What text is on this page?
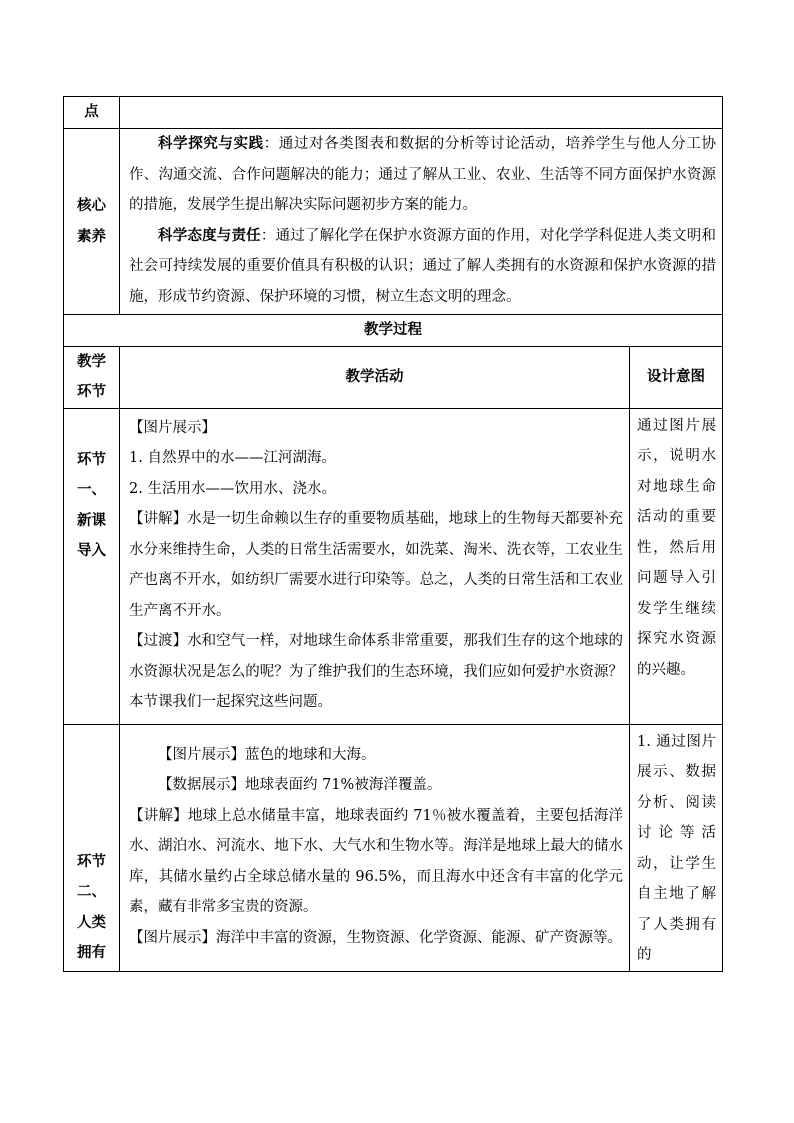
点		
核心素养	科学探究与实践：通过对各类图表和数据的分析等讨论活动，培养学生与他人分工协作、沟通交流、合作问题解决的能力；通过了解从工业、农业、生活等不同方面保护水资源的措施，发展学生提出解决实际问题初步方案的能力。

科学态度与责任：通过了解化学在保护水资源方面的作用，对化学学科促进人类文明和社会可持续发展的重要价值具有积极的认识；通过了解人类拥有的水资源和保护水资源的措施，形成节约资源、保护环境的习惯，树立生态文明的理念。	

教学过程		
教学环节	教学活动	设计意图
环节一、新课导入	【图片展示】

1. 自然界中的水——江河湖海。

2. 生活用水——饮用水、浇水。

【讲解】水是一切生命赖以生存的重要物质基础，地球上的生物每天都要补充水分来维持生命，人类的日常生活需要水，如洗菜、淘米、洗衣等，工农业生产也离不开水，如纺织厂需要水进行印染等。总之，人类的日常生活和工农业生产离不开水。

【过渡】水和空气一样，对地球生命体系非常重要，那我们生存的这个地球的水资源状况是怎么的呢？为了维护我们的生态环境，我们应如何爱护水资源？本节课我们一起探究这些问题。	通过图片展示，说明水对地球生命活动的重要性，然后用问题导入引发学生继续探究水资源的兴趣。
环节二、人类拥有	【图片展示】蓝色的地球和大海。

【数据展示】地球表面约 71%被海洋覆盖。

【讲解】地球上总水储量丰富，地球表面约 71％被水覆盖着，主要包括海洋水、湖泊水、河流水、地下水、大气水和生物水等。海洋是地球上最大的储水库，其储水量约占全球总储水量的 96.5%，而且海水中还含有丰富的化学元素，藏有非常多宝贵的资源。

【图片展示】海洋中丰富的资源，生物资源、化学资源、能源、矿产资源等。	1. 通过图片展示、数据分析、阅读讨论等活动，让学生自主地了解了人类拥有的
